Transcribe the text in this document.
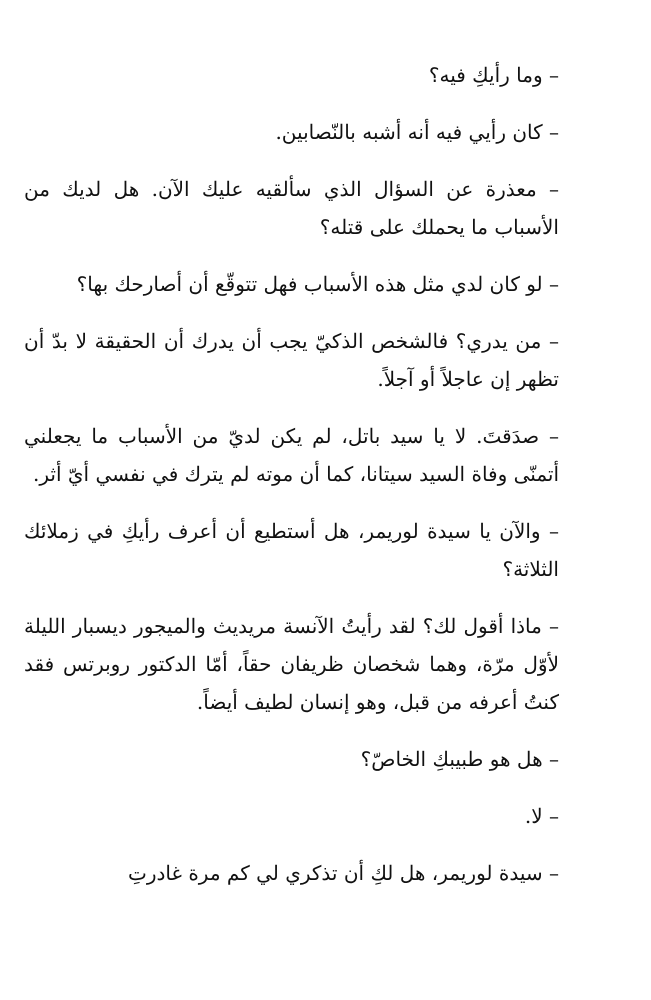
– وما رأيكِ فيه؟

– كان رأيي فيه أنه أشبه بالنّصابين.

– معذرة عن السؤال الذي سألقيه عليك الآن. هل لديك من الأسباب ما يحملك على قتله؟

– لو كان لدي مثل هذه الأسباب فهل تتوقّع أن أصارحك بها؟

– من يدري؟ فالشخص الذكيّ يجب أن يدرك أن الحقيقة لا بدّ أن تظهر إن عاجلاً أو آجلاً.

– صدَقتَ. لا يا سيد باتل، لم يكن لديّ من الأسباب ما يجعلني أتمنّى وفاة السيد سيتانا، كما أن موته لم يترك في نفسي أيّ أثر.

– والآن يا سيدة لوريمر، هل أستطيع أن أعرف رأيكِ في زملائك الثلاثة؟

– ماذا أقول لك؟ لقد رأيتُ الآنسة مريديث والميجور ديسبار الليلة لأوّل مرّة، وهما شخصان ظريفان حقاً، أمّا الدكتور روبرتس فقد كنتُ أعرفه من قبل، وهو إنسان لطيف أيضاً.

– هل هو طبيبكِ الخاصّ؟

– لا.

– سيدة لوريمر، هل لكِ أن تذكري لي كم مرة غادرتِ
